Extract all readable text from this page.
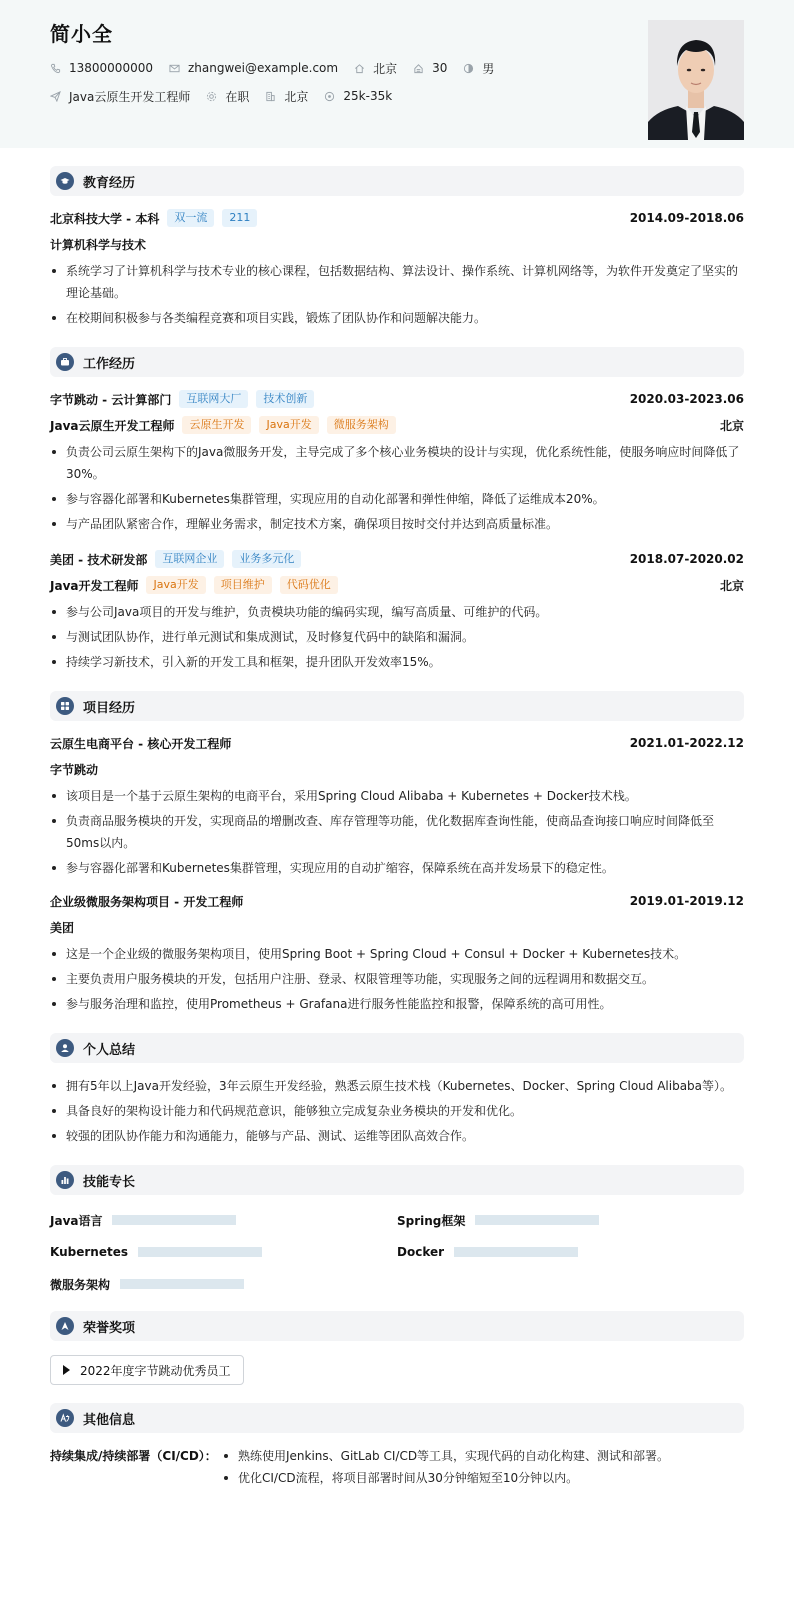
简小全
13800000000	zhangwei@example.com	北京	30	男
Java云原生开发工程师	在职	北京	25k-35k
教育经历
北京科技大学 - 本科	双一流	211	2014.09-2018.06
计算机科学与技术
系统学习了计算机科学与技术专业的核心课程，包括数据结构、算法设计、操作系统、计算机网络等，为软件开发奠定了坚实的理论基础。
在校期间积极参与各类编程竞赛和项目实践，锻炼了团队协作和问题解决能力。
工作经历
字节跳动 - 云计算部门	互联网大厂	技术创新	2020.03-2023.06
Java云原生开发工程师	云原生开发	Java开发	微服务架构	北京
负责公司云原生架构下的Java微服务开发，主导完成了多个核心业务模块的设计与实现，优化系统性能，使服务响应时间降低了30%。
参与容器化部署和Kubernetes集群管理，实现应用的自动化部署和弹性伸缩，降低了运维成本20%。
与产品团队紧密合作，理解业务需求，制定技术方案，确保项目按时交付并达到高质量标准。
美团 - 技术研发部	互联网企业	业务多元化	2018.07-2020.02
Java开发工程师	Java开发	项目维护	代码优化	北京
参与公司Java项目的开发与维护，负责模块功能的编码实现，编写高质量、可维护的代码。
与测试团队协作，进行单元测试和集成测试，及时修复代码中的缺陷和漏洞。
持续学习新技术，引入新的开发工具和框架，提升团队开发效率15%。
项目经历
云原生电商平台 - 核心开发工程师	2021.01-2022.12
字节跳动
该项目是一个基于云原生架构的电商平台，采用Spring Cloud Alibaba + Kubernetes + Docker技术栈。
负责商品服务模块的开发，实现商品的增删改查、库存管理等功能，优化数据库查询性能，使商品查询接口响应时间降低至50ms以内。
参与容器化部署和Kubernetes集群管理，实现应用的自动扩缩容，保障系统在高并发场景下的稳定性。
企业级微服务架构项目 - 开发工程师	2019.01-2019.12
美团
这是一个企业级的微服务架构项目，使用Spring Boot + Spring Cloud + Consul + Docker + Kubernetes技术。
主要负责用户服务模块的开发，包括用户注册、登录、权限管理等功能，实现服务之间的远程调用和数据交互。
参与服务治理和监控，使用Prometheus + Grafana进行服务性能监控和报警，保障系统的高可用性。
个人总结
拥有5年以上Java开发经验，3年云原生开发经验，熟悉云原生技术栈（Kubernetes、Docker、Spring Cloud Alibaba等）。
具备良好的架构设计能力和代码规范意识，能够独立完成复杂业务模块的开发和优化。
较强的团队协作能力和沟通能力，能够与产品、测试、运维等团队高效合作。
技能专长
Java语言	Spring框架
Kubernetes	Docker
微服务架构
荣誉奖项
2022年度字节跳动优秀员工
其他信息
持续集成/持续部署（CI/CD）：	熟练使用Jenkins、GitLab CI/CD等工具，实现代码的自动化构建、测试和部署。
优化CI/CD流程，将项目部署时间从30分钟缩短至10分钟以内。
